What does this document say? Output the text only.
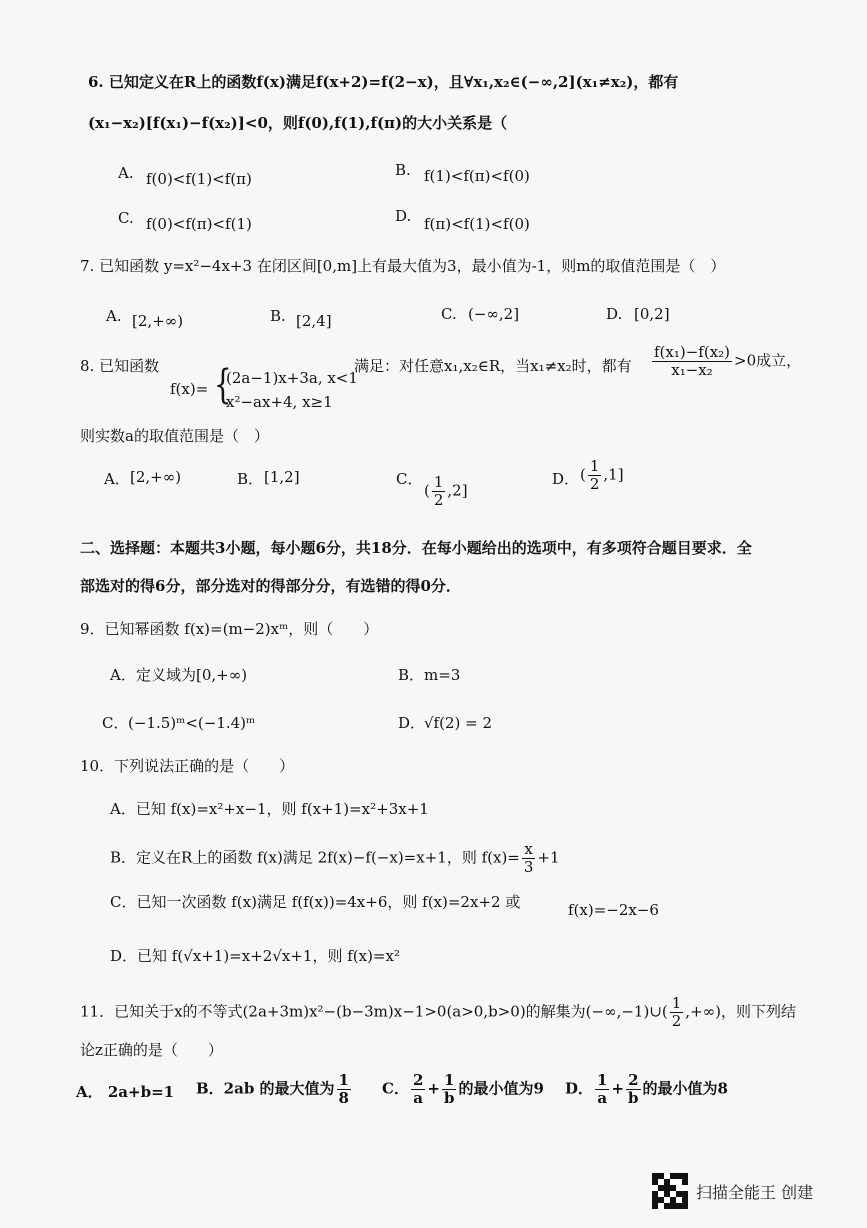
6. 已知定义在R上的函数f(x)满足f(x+2)=f(2−x)，且∀x₁,x₂∈(−∞,2](x₁≠x₂)，都有
(x₁−x₂)[f(x₁)−f(x₂)]<0，则f(0),f(1),f(π)的大小关系是（
A. f(0)<f(1)<f(π)	B. f(1)<f(π)<f(0)
C. f(0)<f(π)<f(1)	D. f(π)<f(1)<f(0)
7. 已知函数 y=x²−4x+3 在闭区间[0,m]上有最大值为3，最小值为-1，则m的取值范围是（　）
A. [2,+∞)	B. [2,4]	C. (−∞,2]	D. [0,2]
8. 已知函数
f(x)= {
(2a−1)x+3a, x<1
x²−ax+4, x≥1
满足：对任意x₁,x₂∈R，当x₁≠x₂时，都有 $\frac{\text{f(x₁)−f(x₂)}}{\text{x₁−x₂}} >0$成立，
则实数a的取值范围是（　）
A． [2,+∞)	B． [1,2]	C．
( $\frac{1}{2} ,2$]
D． ( $\frac{1}{2} ,1$]
二、选择题：本题共3小题，每小题6分，共18分．在每小题给出的选项中，有多项符合题目要求．全
部选对的得6分，部分选对的得部分分，有选错的得0分．
9．已知幂函数 f(x)=(m−2)xᵐ，则（　　）
A． 定义域为[0,+∞)	B． m=3
C． (−1.5)ᵐ<(−1.4)ᵐ	D．
√f(2) = 2
10．下列说法正确的是（　　）
A．已知 f(x)=x²+x−1，则 f(x+1)=x²+3x+1
B．定义在R上的函数 f(x)满足 2f(x)−f(−x)=x+1，则 $f(x)= \frac{x}{3} +1$
C．已知一次函数 f(x)满足 f(f(x))=4x+6，则 f(x)=2x+2 或	f(x)=−2x−6
D．已知 f(√x+1)=x+2√x+1，则 f(x)=x²
11．已知关于x的不等式(2a+3m)x²−(b−3m)x−1>0(a>0,b>0)的解集为(−∞,−1)∪( $\frac{1}{2}$ ,+∞)，则下列结
论z正确的是（　　）
A． 2a+b=1 B．2ab 的最大值为 $\frac{1}{8}$ C． $\frac{2}{a} + \frac{1}{b}$ 的最小值为9 D． $\frac{1}{a} + \frac{2}{b}$ 的最小值为8
扫描全能王 创建
